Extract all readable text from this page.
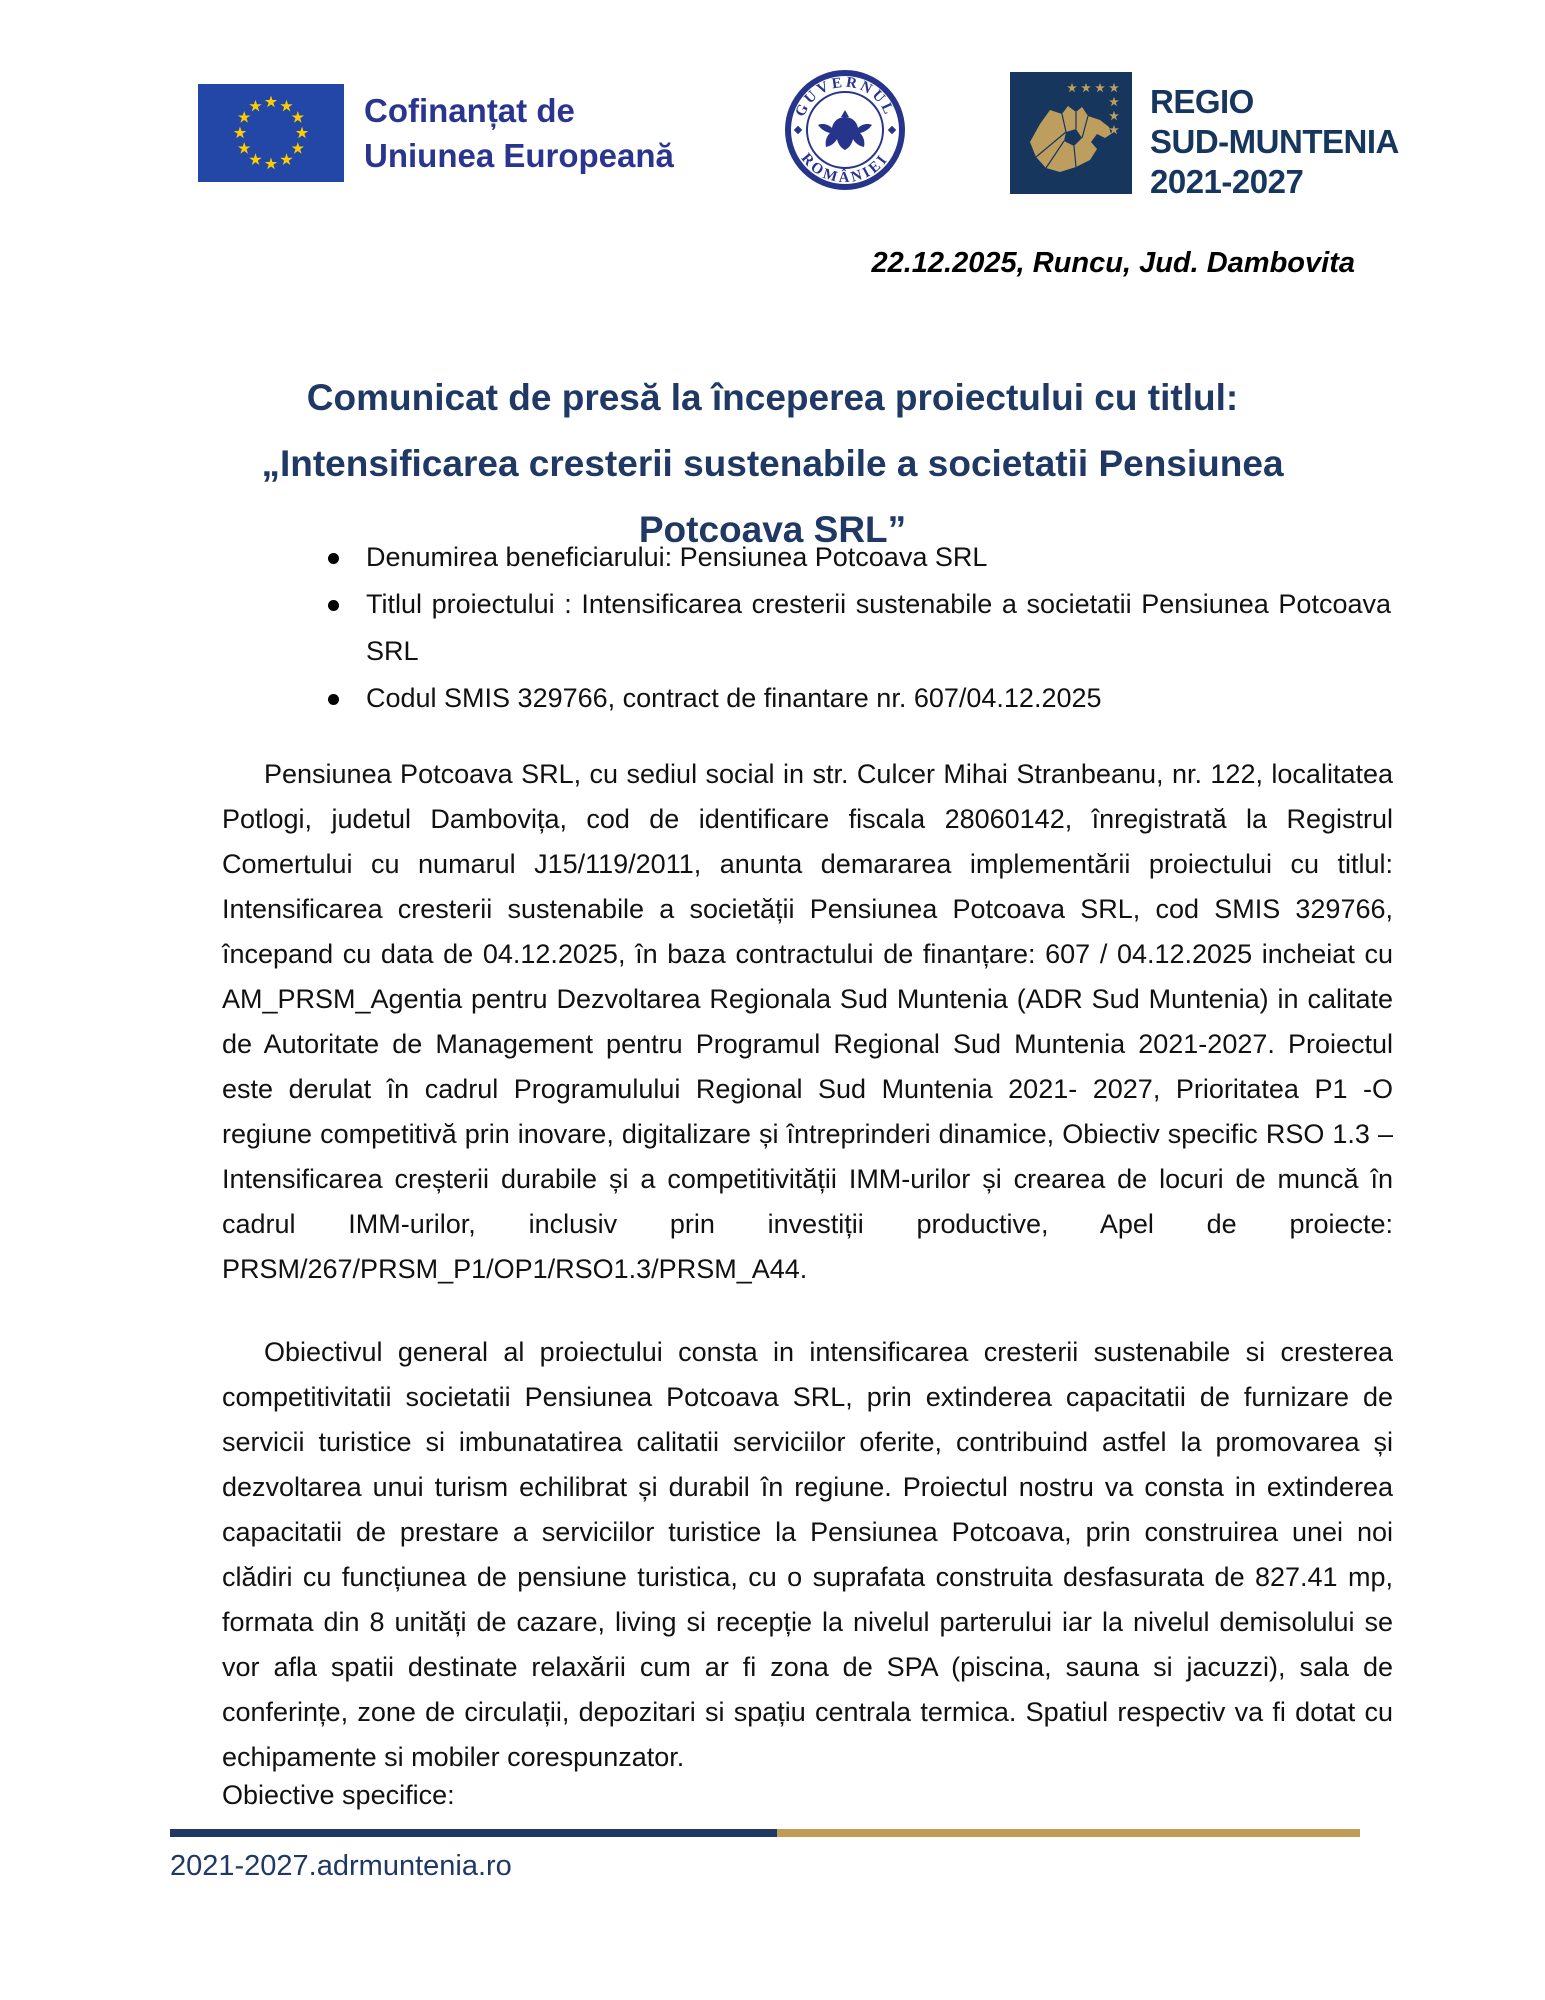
Cofinanțat de
Uniunea Europeană
GUVERNUL
ROMÂNIEI
REGIO
SUD-MUNTENIA
2021-2027
22.12.2025, Runcu, Jud. Dambovita
Comunicat de presă la începerea proiectului cu titlul:
„Intensificarea cresterii sustenabile a societatii Pensiunea
Potcoava SRL”
Denumirea beneficiarului: Pensiunea Potcoava SRL
Titlul proiectului : Intensificarea cresterii sustenabile a societatii Pensiunea Potcoava SRL
Codul SMIS 329766, contract de finantare nr. 607/04.12.2025

Pensiunea Potcoava SRL, cu sediul social in str. Culcer Mihai Stranbeanu, nr. 122, localitatea Potlogi, judetul Dambovița, cod de identificare fiscala 28060142, înregistrată la Registrul Comertului cu numarul J15/119/2011, anunta demararea implementării proiectului cu titlul: Intensificarea cresterii sustenabile a societății Pensiunea Potcoava SRL, cod SMIS 329766, începand cu data de 04.12.2025, în baza contractului de finanțare: 607 / 04.12.2025 incheiat cu AM_PRSM_Agentia pentru Dezvoltarea Regionala Sud Muntenia (ADR Sud Muntenia) in calitate de Autoritate de Management pentru Programul Regional Sud Muntenia 2021-2027. Proiectul este derulat în cadrul Programulului Regional Sud Muntenia 2021- 2027, Prioritatea P1 -O regiune competitivă prin inovare, digitalizare și întreprinderi dinamice, Obiectiv specific RSO 1.3 – Intensificarea creșterii durabile și a competitivității IMM-urilor și crearea de locuri de muncă în cadrul IMM-urilor, inclusiv prin investiții productive, Apel de proiecte: PRSM/267/PRSM_P1/OP1/RSO1.3/PRSM_A44.

Obiectivul general al proiectului consta in intensificarea cresterii sustenabile si cresterea competitivitatii societatii Pensiunea Potcoava SRL, prin extinderea capacitatii de furnizare de servicii turistice si imbunatatirea calitatii serviciilor oferite, contribuind astfel la promovarea și dezvoltarea unui turism echilibrat și durabil în regiune. Proiectul nostru va consta in extinderea capacitatii de prestare a serviciilor turistice la Pensiunea Potcoava, prin construirea unei noi clădiri cu funcțiunea de pensiune turistica, cu o suprafata construita desfasurata de 827.41 mp, formata din 8 unități de cazare, living si recepție la nivelul parterului iar la nivelul demisolului se vor afla spatii destinate relaxării cum ar fi zona de SPA (piscina, sauna si jacuzzi), sala de conferințe, zone de circulații, depozitari si spațiu centrala termica. Spatiul respectiv va fi dotat cu echipamente si mobiler corespunzator.

Obiective specifice:

2021-2027.adrmuntenia.ro
